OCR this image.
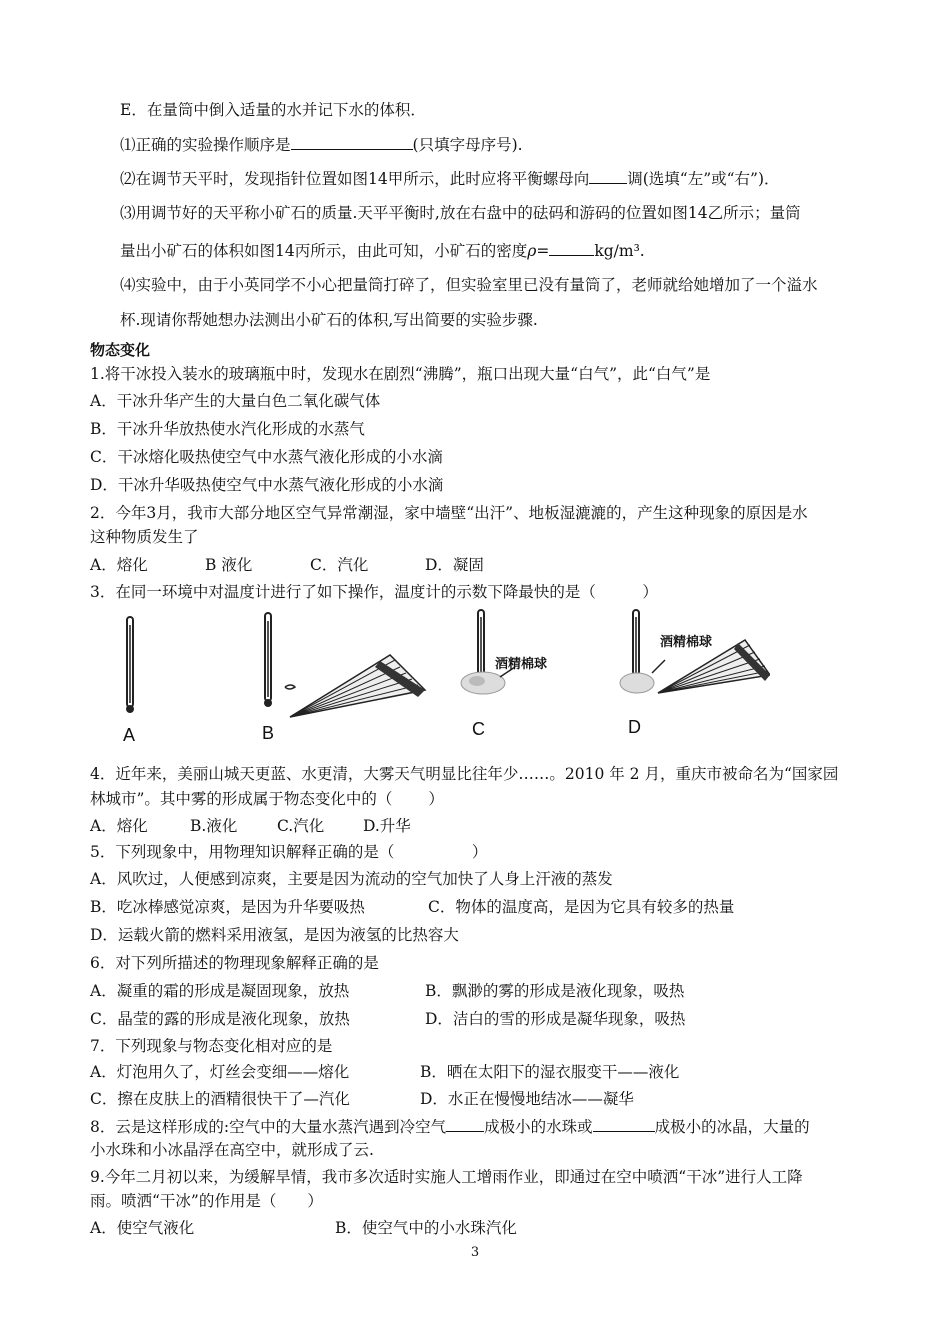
E．在量筒中倒入适量的水并记下水的体积．
⑴正确的实验操作顺序是	(只填字母序号).
⑵在调节天平时，发现指针位置如图14甲所示，此时应将平衡螺母向 调(选填“左”或“右”)．
⑶用调节好的天平称小矿石的质量.天平平衡时,放在右盘中的砝码和游码的位置如图14乙所示；量筒
量出小矿石的体积如图14丙所示，由此可知，小矿石的密度ρ=	kg/m³.
⑷实验中，由于小英同学不小心把量筒打碎了，但实验室里已没有量筒了，老师就给她增加了一个溢水
杯.现请你帮她想办法测出小矿石的体积,写出简要的实验步骤.
物态变化
1.将干冰投入装水的玻璃瓶中时，发现水在剧烈“沸腾”，瓶口出现大量“白气”，此“白气”是
A．干冰升华产生的大量白色二氧化碳气体
B．干冰升华放热使水汽化形成的水蒸气
C．干冰熔化吸热使空气中水蒸气液化形成的小水滴
D．干冰升华吸热使空气中水蒸气液化形成的小水滴
2．今年3月，我市大部分地区空气异常潮湿，家中墙壁“出汗”、地板湿漉漉的，产生这种现象的原因是水
这种物质发生了
A．熔化	B 液化	C．汽化	D．凝固
3．在同一环境中对温度计进行了如下操作，温度计的示数下降最快的是（　　　）
A	B
酒精棉球
C
酒精棉球
D
4．近年来，美丽山城天更蓝、水更清，大雾天气明显比往年少……。2010 年 2 月，重庆市被命名为“国家园
林城市”。其中雾的形成属于物态变化中的（　　 ）
A．熔化	B.液化	C.汽化	D.升华
5．下列现象中，用物理知识解释正确的是（　　　　　）
A．风吹过，人便感到凉爽，主要是因为流动的空气加快了人身上汗液的蒸发
B．吃冰棒感觉凉爽，是因为升华要吸热	C．物体的温度高，是因为它具有较多的热量
D．运载火箭的燃料采用液氢，是因为液氢的比热容大
6．对下列所描述的物理现象解释正确的是
A．凝重的霜的形成是凝固现象，放热	B．飘渺的雾的形成是液化现象，吸热
C．晶莹的露的形成是液化现象，放热	D．洁白的雪的形成是凝华现象，吸热
7．下列现象与物态变化相对应的是
A．灯泡用久了，灯丝会变细——熔化	B．晒在太阳下的湿衣服变干——液化
C．擦在皮肤上的酒精很快干了—汽化	D．水正在慢慢地结冰——凝华
8．云是这样形成的:空气中的大量水蒸汽遇到冷空气 成极小的水珠或	成极小的冰晶，大量的
小水珠和小冰晶浮在高空中，就形成了云.
9.今年二月初以来，为缓解旱情，我市多次适时实施人工增雨作业，即通过在空中喷洒“干冰”进行人工降
雨。喷洒“干冰”的作用是（　　）
A．使空气液化	B．使空气中的小水珠汽化
3
